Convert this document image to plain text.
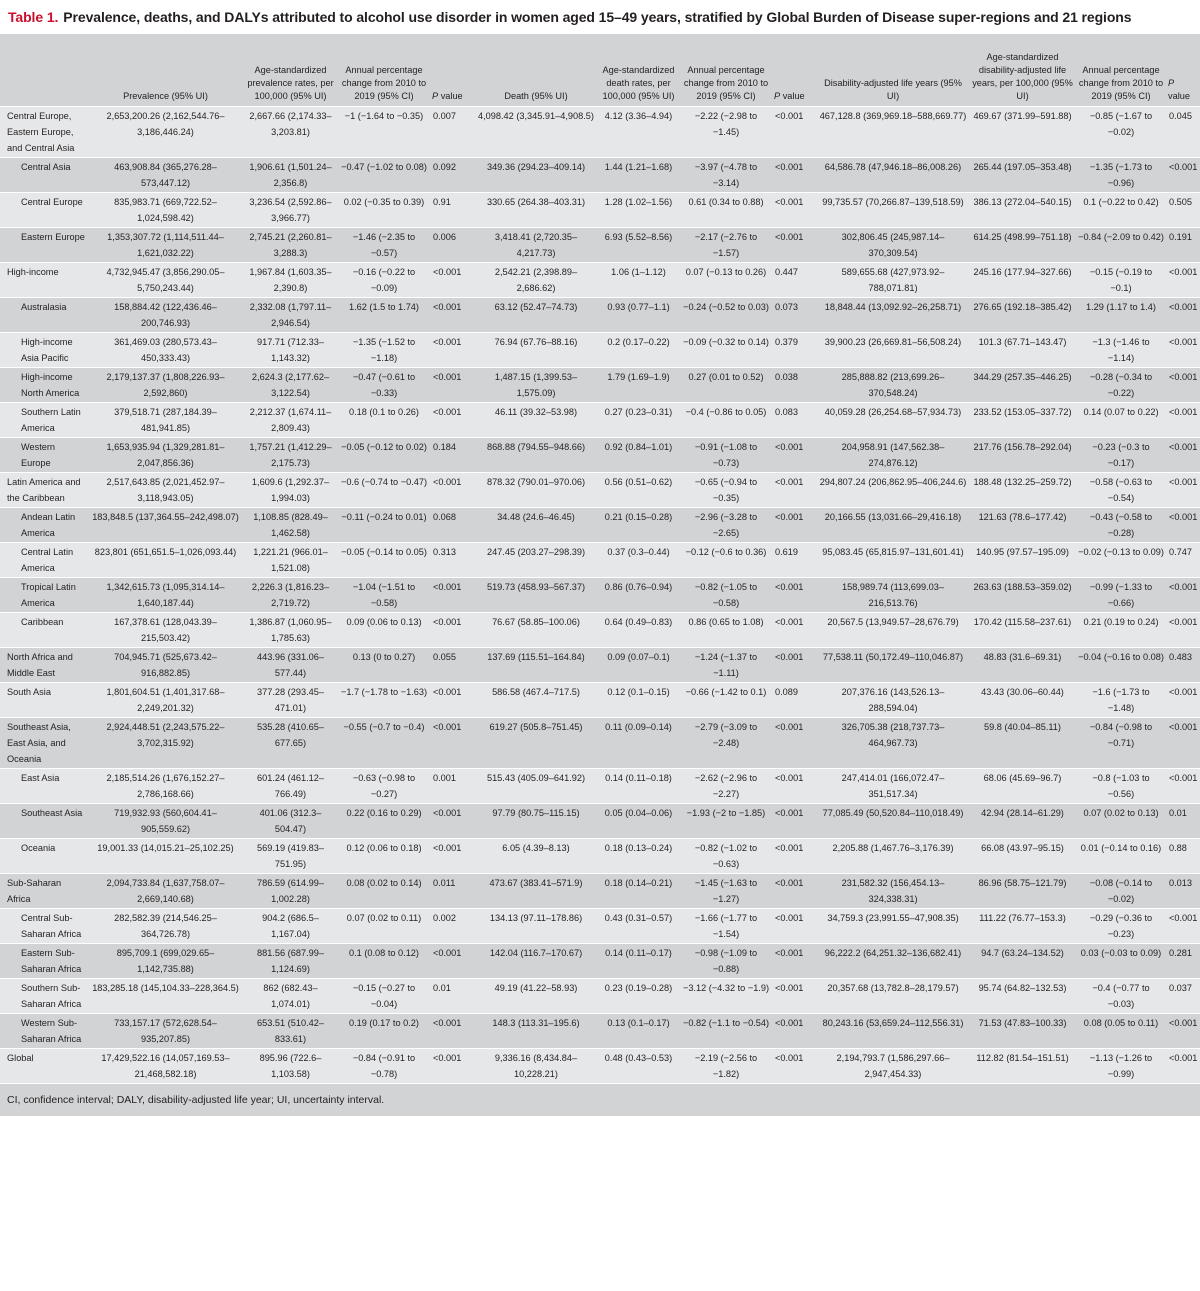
Table 1. Prevalence, deaths, and DALYs attributed to alcohol use disorder in women aged 15–49 years, stratified by Global Burden of Disease super-regions and 21 regions
	Prevalence (95% UI)	Age-standardized prevalence rates, per 100,000 (95% UI)	Annual percentage change from 2010 to 2019 (95% CI)	P value	Death (95% UI)	Age-standardized death rates, per 100,000 (95% UI)	Annual percentage change from 2010 to 2019 (95% CI)	P value	Disability-adjusted life years (95% UI)	Age-standardized disability-adjusted life years, per 100,000 (95% UI)	Annual percentage change from 2010 to 2019 (95% CI)	P value
Central Europe, Eastern Europe, and Central Asia	2,653,200.26 (2,162,544.76–3,186,446.24)	2,667.66 (2,174.33–3,203.81)	−1 (−1.64 to −0.35)	0.007	4,098.42 (3,345.91–4,908.5)	4.12 (3.36–4.94)	−2.22 (−2.98 to −1.45)	<0.001	467,128.8 (369,969.18–588,669.77)	469.67 (371.99–591.88)	−0.85 (−1.67 to −0.02)	0.045
Central Asia	463,908.84 (365,276.28–573,447.12)	1,906.61 (1,501.24–2,356.8)	−0.47 (−1.02 to 0.08)	0.092	349.36 (294.23–409.14)	1.44 (1.21–1.68)	−3.97 (−4.78 to −3.14)	<0.001	64,586.78 (47,946.18–86,008.26)	265.44 (197.05–353.48)	−1.35 (−1.73 to −0.96)	<0.001
Central Europe	835,983.71 (669,722.52–1,024,598.42)	3,236.54 (2,592.86–3,966.77)	0.02 (−0.35 to 0.39)	0.91	330.65 (264.38–403.31)	1.28 (1.02–1.56)	0.61 (0.34 to 0.88)	<0.001	99,735.57 (70,266.87–139,518.59)	386.13 (272.04–540.15)	0.1 (−0.22 to 0.42)	0.505
Eastern Europe	1,353,307.72 (1,114,511.44–1,621,032.22)	2,745.21 (2,260.81–3,288.3)	−1.46 (−2.35 to −0.57)	0.006	3,418.41 (2,720.35–4,217.73)	6.93 (5.52–8.56)	−2.17 (−2.76 to −1.57)	<0.001	302,806.45 (245,987.14–370,309.54)	614.25 (498.99–751.18)	−0.84 (−2.09 to 0.42)	0.191
High-income	4,732,945.47 (3,856,290.05–5,750,243.44)	1,967.84 (1,603.35–2,390.8)	−0.16 (−0.22 to −0.09)	<0.001	2,542.21 (2,398.89–2,686.62)	1.06 (1–1.12)	0.07 (−0.13 to 0.26)	0.447	589,655.68 (427,973.92–788,071.81)	245.16 (177.94–327.66)	−0.15 (−0.19 to −0.1)	<0.001
Australasia	158,884.42 (122,436.46–200,746.93)	2,332.08 (1,797.11–2,946.54)	1.62 (1.5 to 1.74)	<0.001	63.12 (52.47–74.73)	0.93 (0.77–1.1)	−0.24 (−0.52 to 0.03)	0.073	18,848.44 (13,092.92–26,258.71)	276.65 (192.18–385.42)	1.29 (1.17 to 1.4)	<0.001
High-income Asia Pacific	361,469.03 (280,573.43–450,333.43)	917.71 (712.33–1,143.32)	−1.35 (−1.52 to −1.18)	<0.001	76.94 (67.76–88.16)	0.2 (0.17–0.22)	−0.09 (−0.32 to 0.14)	0.379	39,900.23 (26,669.81–56,508.24)	101.3 (67.71–143.47)	−1.3 (−1.46 to −1.14)	<0.001
High-income North America	2,179,137.37 (1,808,226.93–2,592,860)	2,624.3 (2,177.62–3,122.54)	−0.47 (−0.61 to −0.33)	<0.001	1,487.15 (1,399.53–1,575.09)	1.79 (1.69–1.9)	0.27 (0.01 to 0.52)	0.038	285,888.82 (213,699.26–370,548.24)	344.29 (257.35–446.25)	−0.28 (−0.34 to −0.22)	<0.001
Southern Latin America	379,518.71 (287,184.39–481,941.85)	2,212.37 (1,674.11–2,809.43)	0.18 (0.1 to 0.26)	<0.001	46.11 (39.32–53.98)	0.27 (0.23–0.31)	−0.4 (−0.86 to 0.05)	0.083	40,059.28 (26,254.68–57,934.73)	233.52 (153.05–337.72)	0.14 (0.07 to 0.22)	<0.001
Western Europe	1,653,935.94 (1,329,281.81–2,047,856.36)	1,757.21 (1,412.29–2,175.73)	−0.05 (−0.12 to 0.02)	0.184	868.88 (794.55–948.66)	0.92 (0.84–1.01)	−0.91 (−1.08 to −0.73)	<0.001	204,958.91 (147,562.38–274,876.12)	217.76 (156.78–292.04)	−0.23 (−0.3 to −0.17)	<0.001
Latin America and the Caribbean	2,517,643.85 (2,021,452.97–3,118,943.05)	1,609.6 (1,292.37–1,994.03)	−0.6 (−0.74 to −0.47)	<0.001	878.32 (790.01–970.06)	0.56 (0.51–0.62)	−0.65 (−0.94 to −0.35)	<0.001	294,807.24 (206,862.95–406,244.6)	188.48 (132.25–259.72)	−0.58 (−0.63 to −0.54)	<0.001
Andean Latin America	183,848.5 (137,364.55–242,498.07)	1,108.85 (828.49–1,462.58)	−0.11 (−0.24 to 0.01)	0.068	34.48 (24.6–46.45)	0.21 (0.15–0.28)	−2.96 (−3.28 to −2.65)	<0.001	20,166.55 (13,031.66–29,416.18)	121.63 (78.6–177.42)	−0.43 (−0.58 to −0.28)	<0.001
Central Latin America	823,801 (651,651.5–1,026,093.44)	1,221.21 (966.01–1,521.08)	−0.05 (−0.14 to 0.05)	0.313	247.45 (203.27–298.39)	0.37 (0.3–0.44)	−0.12 (−0.6 to 0.36)	0.619	95,083.45 (65,815.97–131,601.41)	140.95 (97.57–195.09)	−0.02 (−0.13 to 0.09)	0.747
Tropical Latin America	1,342,615.73 (1,095,314.14–1,640,187.44)	2,226.3 (1,816.23–2,719.72)	−1.04 (−1.51 to −0.58)	<0.001	519.73 (458.93–567.37)	0.86 (0.76–0.94)	−0.82 (−1.05 to −0.58)	<0.001	158,989.74 (113,699.03–216,513.76)	263.63 (188.53–359.02)	−0.99 (−1.33 to −0.66)	<0.001
Caribbean	167,378.61 (128,043.39–215,503.42)	1,386.87 (1,060.95–1,785.63)	0.09 (0.06 to 0.13)	<0.001	76.67 (58.85–100.06)	0.64 (0.49–0.83)	0.86 (0.65 to 1.08)	<0.001	20,567.5 (13,949.57–28,676.79)	170.42 (115.58–237.61)	0.21 (0.19 to 0.24)	<0.001
North Africa and Middle East	704,945.71 (525,673.42–916,882.85)	443.96 (331.06–577.44)	0.13 (0 to 0.27)	0.055	137.69 (115.51–164.84)	0.09 (0.07–0.1)	−1.24 (−1.37 to −1.11)	<0.001	77,538.11 (50,172.49–110,046.87)	48.83 (31.6–69.31)	−0.04 (−0.16 to 0.08)	0.483
South Asia	1,801,604.51 (1,401,317.68–2,249,201.32)	377.28 (293.45–471.01)	−1.7 (−1.78 to −1.63)	<0.001	586.58 (467.4–717.5)	0.12 (0.1–0.15)	−0.66 (−1.42 to 0.1)	0.089	207,376.16 (143,526.13–288,594.04)	43.43 (30.06–60.44)	−1.6 (−1.73 to −1.48)	<0.001
Southeast Asia, East Asia, and Oceania	2,924,448.51 (2,243,575.22–3,702,315.92)	535.28 (410.65–677.65)	−0.55 (−0.7 to −0.4)	<0.001	619.27 (505.8–751.45)	0.11 (0.09–0.14)	−2.79 (−3.09 to −2.48)	<0.001	326,705.38 (218,737.73–464,967.73)	59.8 (40.04–85.11)	−0.84 (−0.98 to −0.71)	<0.001
East Asia	2,185,514.26 (1,676,152.27–2,786,168.66)	601.24 (461.12–766.49)	−0.63 (−0.98 to −0.27)	0.001	515.43 (405.09–641.92)	0.14 (0.11–0.18)	−2.62 (−2.96 to −2.27)	<0.001	247,414.01 (166,072.47–351,517.34)	68.06 (45.69–96.7)	−0.8 (−1.03 to −0.56)	<0.001
Southeast Asia	719,932.93 (560,604.41–905,559.62)	401.06 (312.3–504.47)	0.22 (0.16 to 0.29)	<0.001	97.79 (80.75–115.15)	0.05 (0.04–0.06)	−1.93 (−2 to −1.85)	<0.001	77,085.49 (50,520.84–110,018.49)	42.94 (28.14–61.29)	0.07 (0.02 to 0.13)	0.01
Oceania	19,001.33 (14,015.21–25,102.25)	569.19 (419.83–751.95)	0.12 (0.06 to 0.18)	<0.001	6.05 (4.39–8.13)	0.18 (0.13–0.24)	−0.82 (−1.02 to −0.63)	<0.001	2,205.88 (1,467.76–3,176.39)	66.08 (43.97–95.15)	0.01 (−0.14 to 0.16)	0.88
Sub-Saharan Africa	2,094,733.84 (1,637,758.07–2,669,140.68)	786.59 (614.99–1,002.28)	0.08 (0.02 to 0.14)	0.011	473.67 (383.41–571.9)	0.18 (0.14–0.21)	−1.45 (−1.63 to −1.27)	<0.001	231,582.32 (156,454.13–324,338.31)	86.96 (58.75–121.79)	−0.08 (−0.14 to −0.02)	0.013
Central Sub-Saharan Africa	282,582.39 (214,546.25–364,726.78)	904.2 (686.5–1,167.04)	0.07 (0.02 to 0.11)	0.002	134.13 (97.11–178.86)	0.43 (0.31–0.57)	−1.66 (−1.77 to −1.54)	<0.001	34,759.3 (23,991.55–47,908.35)	111.22 (76.77–153.3)	−0.29 (−0.36 to −0.23)	<0.001
Eastern Sub-Saharan Africa	895,709.1 (699,029.65–1,142,735.88)	881.56 (687.99–1,124.69)	0.1 (0.08 to 0.12)	<0.001	142.04 (116.7–170.67)	0.14 (0.11–0.17)	−0.98 (−1.09 to −0.88)	<0.001	96,222.2 (64,251.32–136,682.41)	94.7 (63.24–134.52)	0.03 (−0.03 to 0.09)	0.281
Southern Sub-Saharan Africa	183,285.18 (145,104.33–228,364.5)	862 (682.43–1,074.01)	−0.15 (−0.27 to −0.04)	0.01	49.19 (41.22–58.93)	0.23 (0.19–0.28)	−3.12 (−4.32 to −1.9)	<0.001	20,357.68 (13,782.8–28,179.57)	95.74 (64.82–132.53)	−0.4 (−0.77 to −0.03)	0.037
Western Sub-Saharan Africa	733,157.17 (572,628.54–935,207.85)	653.51 (510.42–833.61)	0.19 (0.17 to 0.2)	<0.001	148.3 (113.31–195.6)	0.13 (0.1–0.17)	−0.82 (−1.1 to −0.54)	<0.001	80,243.16 (53,659.24–112,556.31)	71.53 (47.83–100.33)	0.08 (0.05 to 0.11)	<0.001
Global	17,429,522.16 (14,057,169.53–21,468,582.18)	895.96 (722.6–1,103.58)	−0.84 (−0.91 to −0.78)	<0.001	9,336.16 (8,434.84–10,228.21)	0.48 (0.43–0.53)	−2.19 (−2.56 to −1.82)	<0.001	2,194,793.7 (1,586,297.66–2,947,454.33)	112.82 (81.54–151.51)	−1.13 (−1.26 to −0.99)	<0.001
CI, confidence interval; DALY, disability-adjusted life year; UI, uncertainty interval.
